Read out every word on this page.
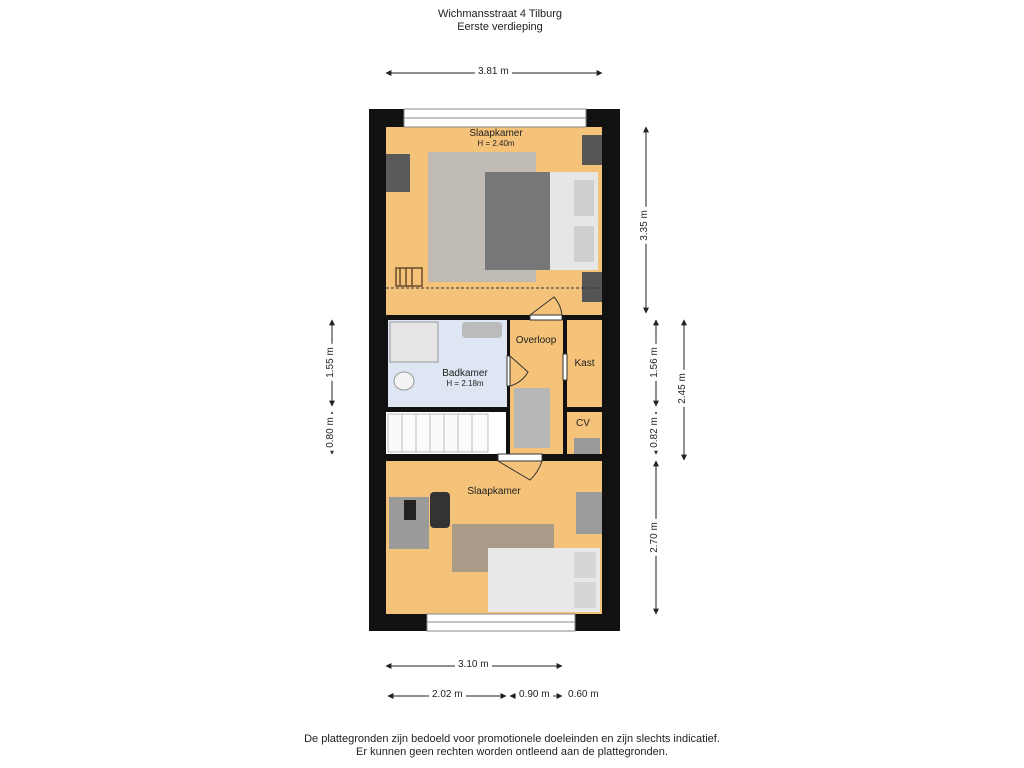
Wichmansstraat 4 Tilburg
Eerste verdieping
Slaapkamer
H = 2.40m
Badkamer
H = 2.18m
Overloop
Kast
CV
Slaapkamer
3.81 m
3.35 m
1.56 m
0.82 m
2.70 m
2.45 m
1.55 m
0.80 m
3.10 m
2.02 m	0.90 m	0.60 m
De plattegronden zijn bedoeld voor promotionele doeleinden en zijn slechts indicatief.
Er kunnen geen rechten worden ontleend aan de plattegronden.
